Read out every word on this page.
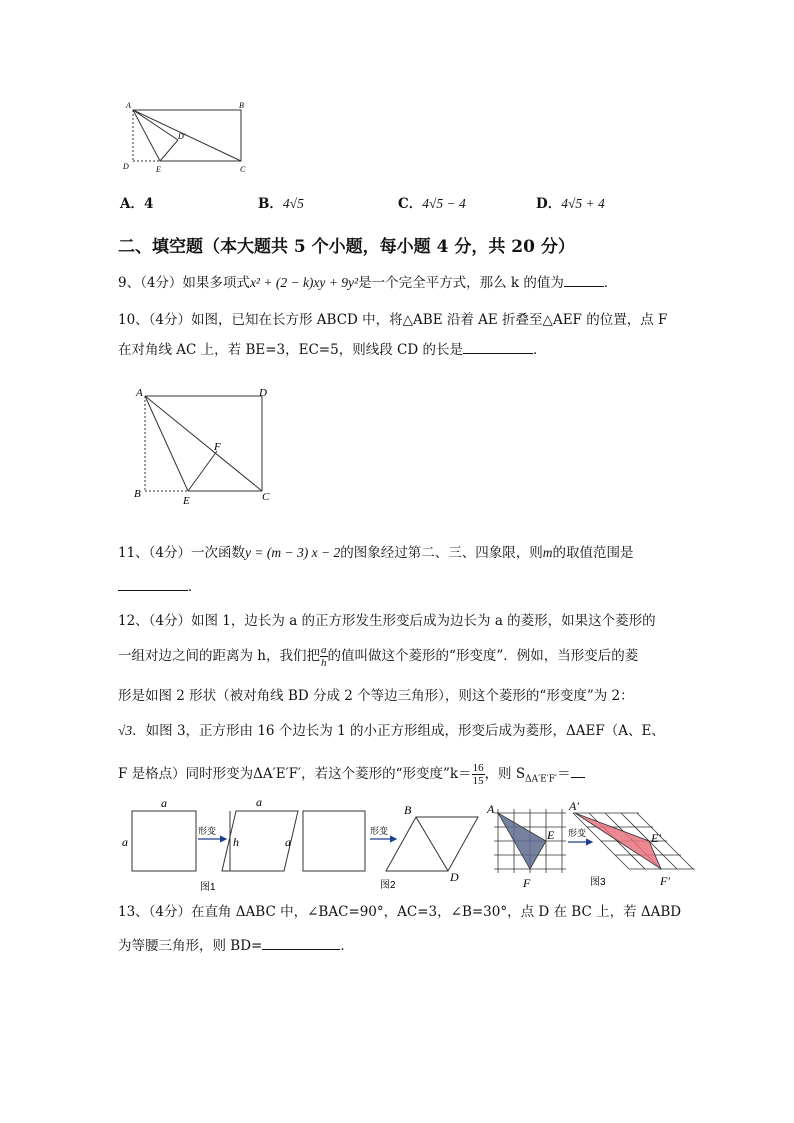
A	B
C
D	E
D'
A．4	B．4√5	C．4√5 − 4	D．4√5 + 4
二、填空题（本大题共 5 个小题，每小题 4 分，共 20 分）
9、（4分）如果多项式x² + (2 − k)xy + 9y²是一个完全平方式，那么 k 的值为	．
10、（4分）如图，已知在长方形 ABCD 中，将△ABE 沿着 AE 折叠至△AEF 的位置，点 F
在对角线 AC 上，若 BE=3，EC=5，则线段 CD 的长是	．
A	D
F
B
E	C
11、（4分）一次函数y = (m − 3) x − 2的图象经过第二、三、四象限，则m的取值范围是
．
12、（4分）如图 1，边长为 a 的正方形发生形变后成为边长为 a 的菱形，如果这个菱形的
一组对边之间的距离为 h，我们把 $\frac{a}{h}$ 的值叫做这个菱形的“形变度”．例如，当形变后的菱
形是如图 2 形状（被对角线 BD 分成 2 个等边三角形），则这个菱形的“形变度”为 2：
√3．如图 3，正方形由 16 个边长为 1 的小正方形组成，形变后成为菱形，ΔAEF（A、E、
F 是格点）同时形变为ΔA′E′F′，若这个菱形的“形变度”k＝ $\frac{16}{15}$ ，则 $S_{\Delta A'E'F'}=$
a
a
形变
a
h	a
图1
形变
B
D
图2
A
E
F
形变
A′
E′
F′
图3
13、（4分）在直角 ΔABC 中，∠BAC=90°，AC=3，∠B=30°，点 D 在 BC 上，若 ΔABD
为等腰三角形，则 BD=	．
